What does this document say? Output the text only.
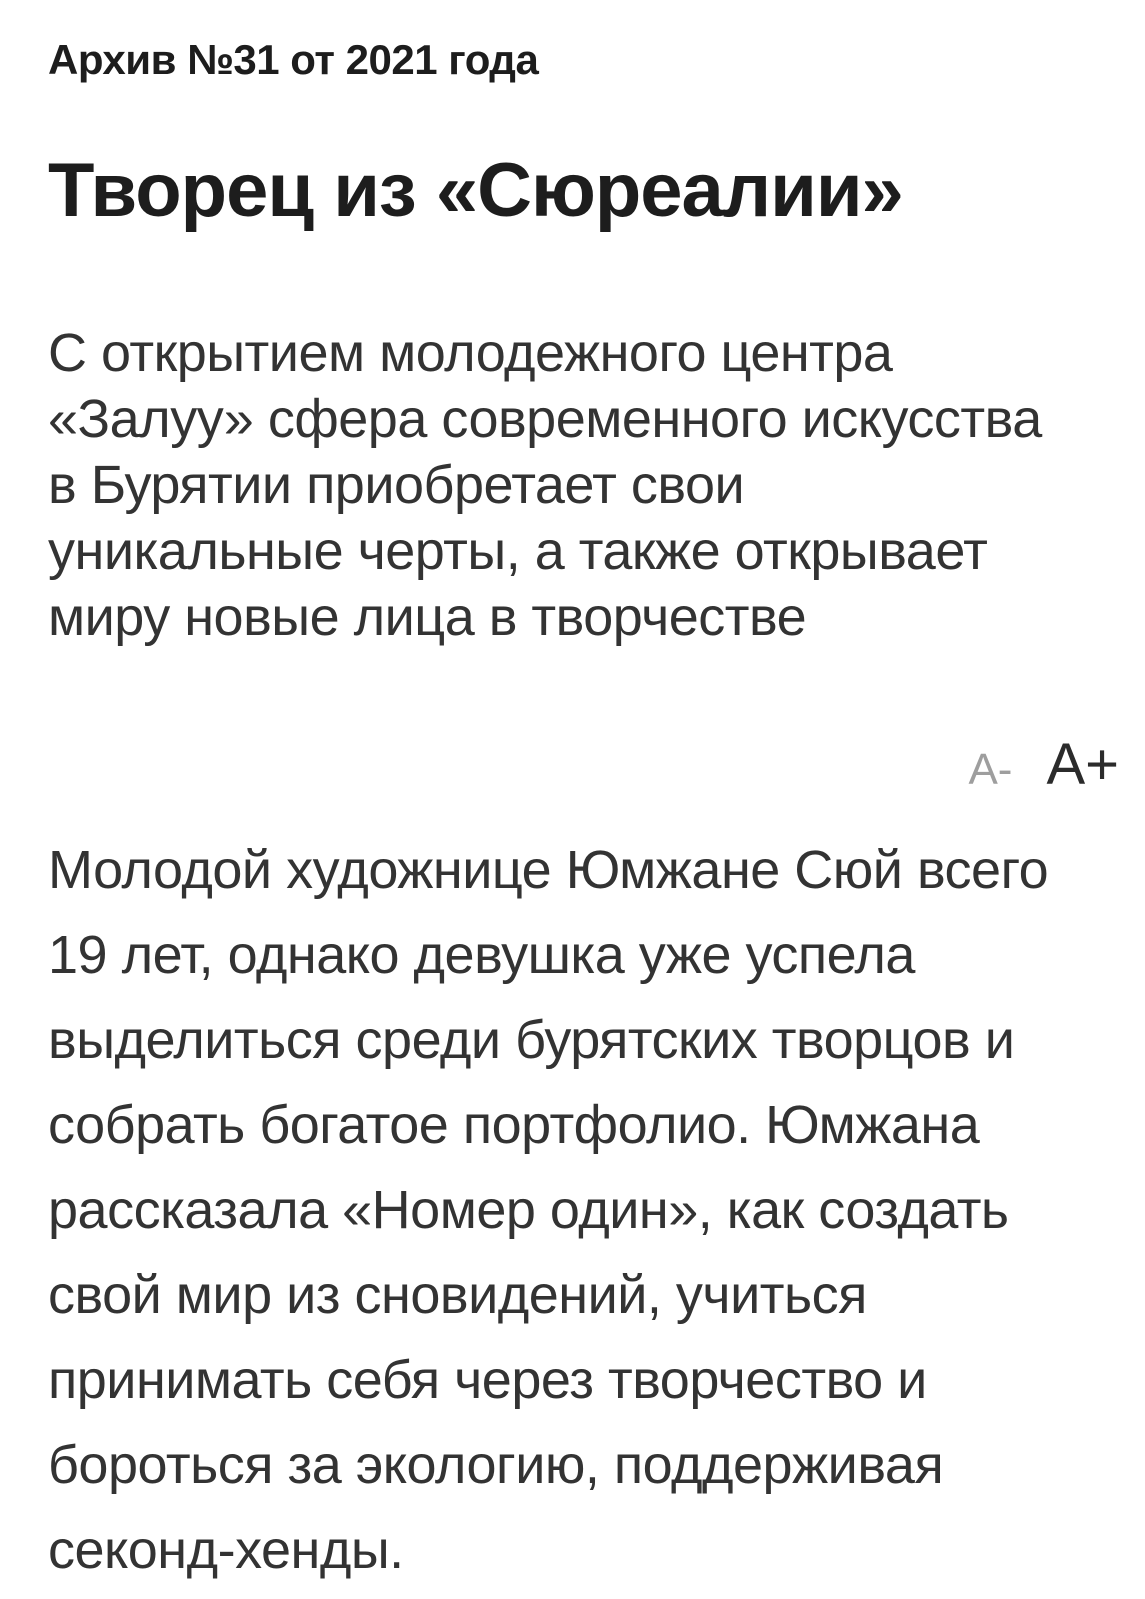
Архив №31 от 2021 года
Творец из «Сюреалии»

С открытием молодежного центра «Залуу» сфера современного искусства в Бурятии приобретает свои уникальные черты, а также открывает миру новые лица в творчестве

A- A+

Молодой художнице Юмжане Сюй всего 19 лет, однако девушка уже успела выделиться среди бурятских творцов и собрать богатое портфолио. Юмжана рассказала «Номер один», как создать свой мир из сновидений, учиться принимать себя через творчество и бороться за экологию, поддерживая секонд-хенды.
